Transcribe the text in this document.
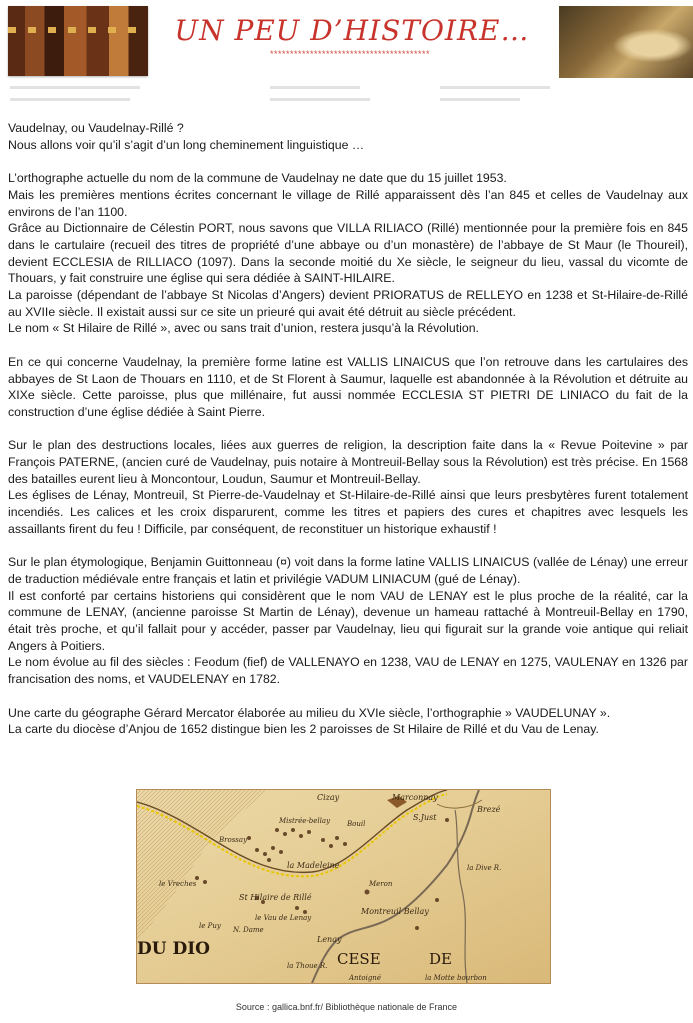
UN PEU D’HISTOIRE…
****************************************

Vaudelnay, ou Vaudelnay-Rillé ?

Nous allons voir qu’il s’agit d’un long cheminement linguistique …

L’orthographe actuelle du nom de la commune de Vaudelnay ne date que du 15 juillet 1953.

Mais les premières mentions écrites concernant le village de Rillé apparaissent dès l’an 845 et celles de Vaudelnay aux environs de l’an 1100.

Grâce au Dictionnaire de Célestin PORT, nous savons que VILLA RILIACO (Rillé) mentionnée pour la première fois en 845 dans le cartulaire (recueil des titres de propriété d’une abbaye ou d’un monastère) de l’abbaye de St Maur (le Thoureil), devient ECCLESIA de RILLIACO (1097). Dans la seconde moitié du Xe siècle, le seigneur du lieu, vassal du vicomte de Thouars, y fait construire une église qui sera dédiée à SAINT-HILAIRE.

La paroisse (dépendant de l’abbaye St Nicolas d’Angers) devient PRIORATUS de RELLEYO en 1238 et St-Hilaire-de-Rillé au XVIIe siècle. Il existait aussi sur ce site un prieuré qui avait été détruit au siècle précédent.

Le nom « St Hilaire de Rillé », avec ou sans trait d’union, restera jusqu’à la Révolution.

En ce qui concerne Vaudelnay, la première forme latine est VALLIS LINAICUS que l’on retrouve dans les cartulaires des abbayes de St Laon de Thouars en 1110, et de St Florent à Saumur, laquelle est abandonnée à la Révolution et détruite au XIXe siècle. Cette paroisse, plus que millénaire, fut aussi nommée ECCLESIA ST PIETRI DE LINIACO du fait de la construction d’une église dédiée à Saint Pierre.

Sur le plan des destructions locales, liées aux guerres de religion, la description faite dans la « Revue Poitevine » par François PATERNE, (ancien curé de Vaudelnay, puis notaire à Montreuil-Bellay sous la Révolution) est très précise. En 1568 des batailles eurent lieu à Moncontour, Loudun, Saumur et Montreuil-Bellay.

Les églises de Lénay, Montreuil, St Pierre-de-Vaudelnay et St-Hilaire-de-Rillé ainsi que leurs presbytères furent totalement incendiés. Les calices et les croix disparurent, comme les titres et papiers des cures et chapitres avec lesquels les assaillants firent du feu ! Difficile, par conséquent, de reconstituer un historique exhaustif !

Sur le plan étymologique, Benjamin Guittonneau (¤) voit dans la forme latine VALLIS LINAICUS (vallée de Lénay) une erreur de traduction médiévale entre français et latin et privilégie VADUM LINIACUM (gué de Lénay).

Il est conforté par certains historiens qui considèrent que le nom VAU de LENAY est le plus proche de la réalité, car la commune de LENAY, (ancienne paroisse St Martin de Lénay), devenue un hameau rattaché à Montreuil-Bellay en 1790, était très proche, et qu’il fallait pour y accéder, passer par Vaudelnay, lieu qui figurait sur la grande voie antique qui reliait Angers à Poitiers.

Le nom évolue au fil des siècles : Feodum (fief) de VALLENAYO en 1238, VAU de LENAY en 1275, VAULENAY en 1326 par francisation des noms, et VAUDELENAY en 1782.

Une carte du géographe Gérard Mercator élaborée au milieu du XVIe siècle, l’orthographie » VAUDELUNAY ».

La carte du diocèse d’Anjou de 1652 distingue bien les 2 paroisses de St Hilaire de Rillé et du Vau de Lenay.

Cizay	Marconnay
Brezé
S.Just
Mistrée-bellay Bouil
Brossay
la Madeleine
le Vreches
St Hilaire de Rillé
le Vau de Lenay
Meron
Montreuil Bellay
le Puy N. Dame
Lenay
DU DIO	CESE	DE
la Thoue R.
la Dive R.
Antoigné	la Motte bourbon
Source : gallica.bnf.fr/ Bibliothèque nationale de France
